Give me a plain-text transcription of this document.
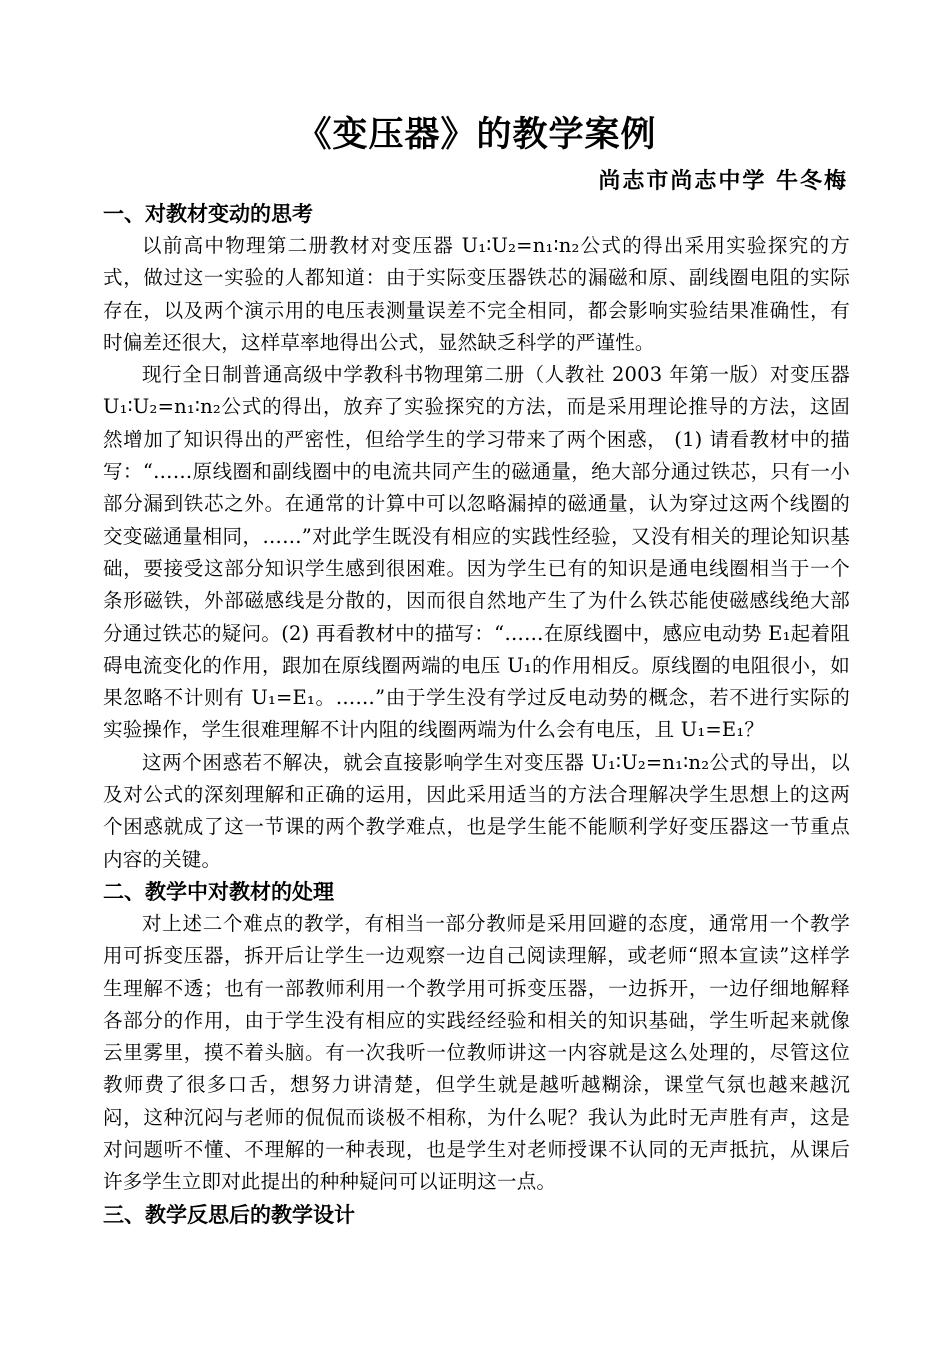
《变压器》的教学案例
尚志市尚志中学 牛冬梅
一、对教材变动的思考

以前高中物理第二册教材对变压器 U₁∶U₂=n₁∶n₂公式的得出采用实验探究的方式，做过这一实验的人都知道：由于实际变压器铁芯的漏磁和原、副线圈电阻的实际存在，以及两个演示用的电压表测量误差不完全相同，都会影响实验结果准确性，有时偏差还很大，这样草率地得出公式，显然缺乏科学的严谨性。

现行全日制普通高级中学教科书物理第二册（人教社 2003 年第一版）对变压器 U₁∶U₂=n₁∶n₂公式的得出，放弃了实验探究的方法，而是采用理论推导的方法，这固然增加了知识得出的严密性，但给学生的学习带来了两个困惑， (1) 请看教材中的描写：“……原线圈和副线圈中的电流共同产生的磁通量，绝大部分通过铁芯，只有一小部分漏到铁芯之外。在通常的计算中可以忽略漏掉的磁通量，认为穿过这两个线圈的交变磁通量相同，……”对此学生既没有相应的实践性经验，又没有相关的理论知识基础，要接受这部分知识学生感到很困难。因为学生已有的知识是通电线圈相当于一个条形磁铁，外部磁感线是分散的，因而很自然地产生了为什么铁芯能使磁感线绝大部分通过铁芯的疑问。(2) 再看教材中的描写：“……在原线圈中，感应电动势 E₁起着阻碍电流变化的作用，跟加在原线圈两端的电压 U₁的作用相反。原线圈的电阻很小，如果忽略不计则有 U₁=E₁。……”由于学生没有学过反电动势的概念，若不进行实际的实验操作，学生很难理解不计内阻的线圈两端为什么会有电压，且 U₁=E₁？

这两个困惑若不解决，就会直接影响学生对变压器 U₁∶U₂=n₁∶n₂公式的导出，以及对公式的深刻理解和正确的运用，因此采用适当的方法合理解决学生思想上的这两个困惑就成了这一节课的两个教学难点，也是学生能不能顺利学好变压器这一节重点内容的关键。

二、教学中对教材的处理

对上述二个难点的教学，有相当一部分教师是采用回避的态度，通常用一个教学用可拆变压器，拆开后让学生一边观察一边自己阅读理解，或老师“照本宣读”这样学生理解不透；也有一部教师利用一个教学用可拆变压器，一边拆开，一边仔细地解释各部分的作用，由于学生没有相应的实践经经验和相关的知识基础，学生听起来就像云里雾里，摸不着头脑。有一次我听一位教师讲这一内容就是这么处理的，尽管这位教师费了很多口舌，想努力讲清楚，但学生就是越听越糊涂，课堂气氛也越来越沉闷，这种沉闷与老师的侃侃而谈极不相称，为什么呢？我认为此时无声胜有声，这是对问题听不懂、不理解的一种表现，也是学生对老师授课不认同的无声抵抗，从课后许多学生立即对此提出的种种疑问可以证明这一点。

三、教学反思后的教学设计
